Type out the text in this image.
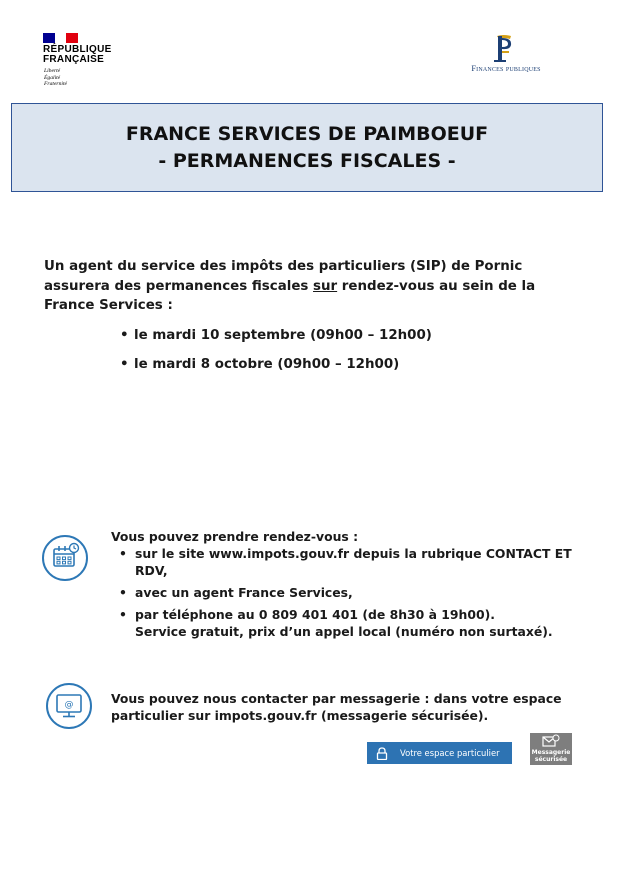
RÉPUBLIQUE
FRANÇAISE
Liberté
Égalité
Fraternité
Finances publiques
FRANCE SERVICES DE PAIMBOEUF
- PERMANENCES FISCALES -
Un agent du service des impôts des particuliers (SIP) de Pornic assurera des permanences fiscales sur rendez-vous au sein de la France Services :
• le mardi 10 septembre (09h00 – 12h00)
• le mardi 8 octobre (09h00 – 12h00)
Vous pouvez prendre rendez-vous :
• sur le site www.impots.gouv.fr depuis la rubrique CONTACT ET RDV,
• avec un agent France Services,
• par téléphone au 0 809 401 401 (de 8h30 à 19h00).
Service gratuit, prix d’un appel local (numéro non surtaxé).
@	Vous pouvez nous contacter par messagerie : dans votre espace particulier sur impots.gouv.fr (messagerie sécurisée).
Votre espace particulier	Messagerie
sécurisée
